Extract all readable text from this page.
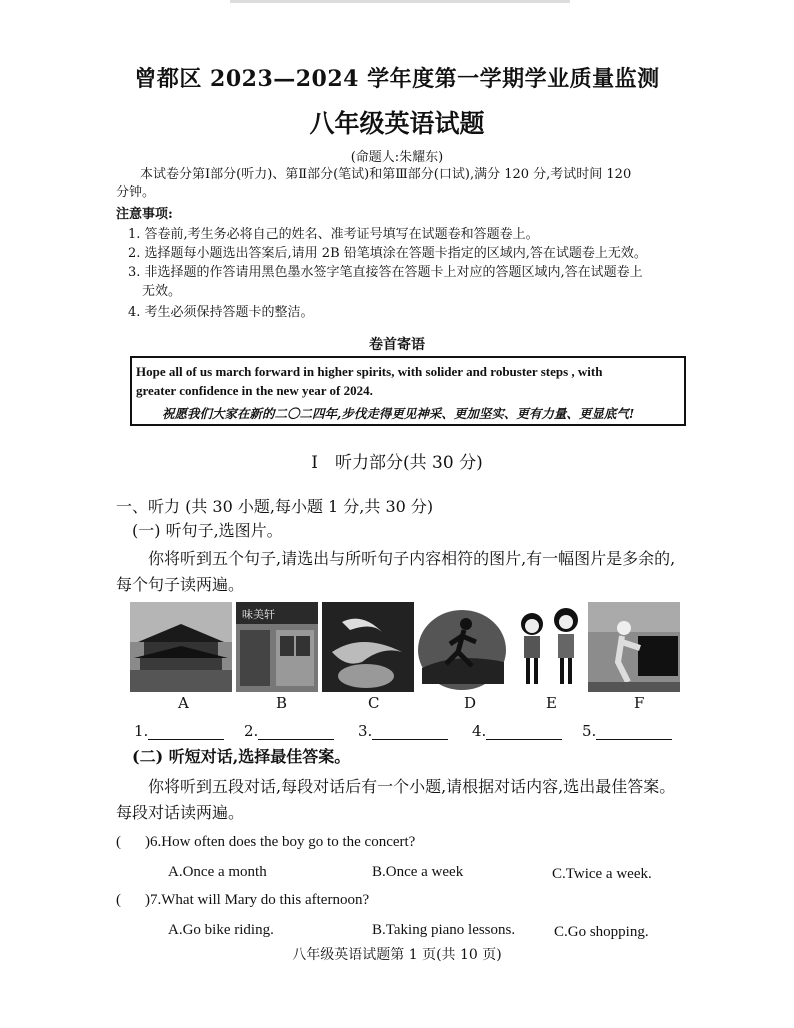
曾都区 2023—2024 学年度第一学期学业质量监测
八年级英语试题
(命题人:朱耀东)
本试卷分第Ⅰ部分(听力)、第Ⅱ部分(笔试)和第Ⅲ部分(口试),满分 120 分,考试时间 120
分钟。
注意事项:
1. 答卷前,考生务必将自己的姓名、准考证号填写在试题卷和答题卷上。
2. 选择题每小题选出答案后,请用 2B 铅笔填涂在答题卡指定的区域内,答在试题卷上无效。
3. 非选择题的作答请用黑色墨水签字笔直接答在答题卡上对应的答题区域内,答在试题卷上
无效。
4. 考生必须保持答题卡的整洁。
卷首寄语
Hope all of us march forward in higher spirits, with solider and robuster steps , with
greater confidence in the new year of 2024.
祝愿我们大家在新的二〇二四年,步伐走得更见神采、更加坚实、更有力量、更显底气!
I　听力部分(共 30 分)
一、听力 (共 30 小题,每小题 1 分,共 30 分)
(一) 听句子,选图片。
你将听到五个句子,请选出与所听句子内容相符的图片,有一幅图片是多余的,
每个句子读两遍。
味美轩
A	B	C	D	E	F
1.	2.	3.	4.	5.
(二) 听短对话,选择最佳答案。
你将听到五段对话,每段对话后有一个小题,请根据对话内容,选出最佳答案。
每段对话读两遍。
( )6.How often does the boy go to the concert?
A.Once a month	B.Once a week	C.Twice a week.
( )7.What will Mary do this afternoon?
A.Go bike riding.	B.Taking piano lessons.	C.Go shopping.
八年级英语试题第 1 页(共 10 页)
